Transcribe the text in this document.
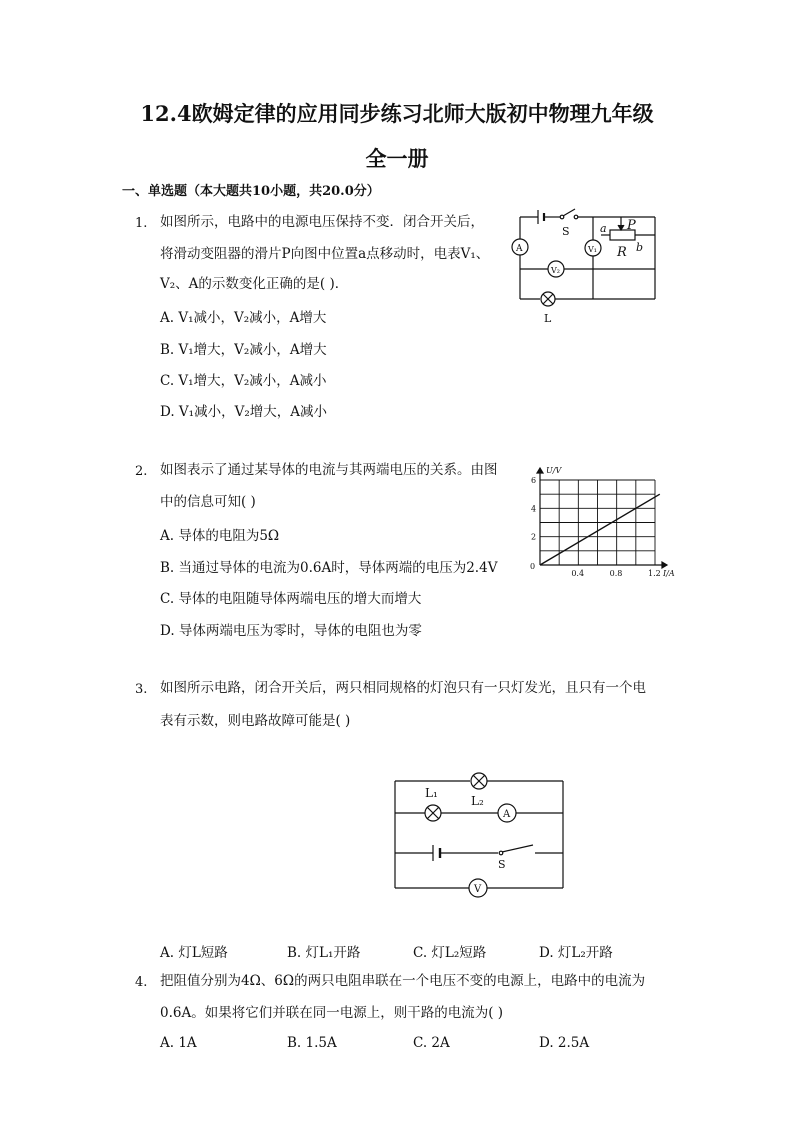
12.4欧姆定律的应用同步练习北师大版初中物理九年级
全一册
一、单选题（本大题共10小题，共20.0分）
1. 如图所示，电路中的电源电压保持不变．闭合开关后，
将滑动变阻器的滑片P向图中位置a点移动时，电表V₁、
V₂、A的示数变化正确的是( )．
A. V₁减小，V₂减小，A增大
B. V₁增大，V₂减小，A增大
C. V₁增大，V₂减小，A减小
D. V₁减小，V₂增大，A减小
A	V₁
V₂
S	P
a
b
R
L
2. 如图表示了通过某导体的电流与其两端电压的关系。由图
中的信息可知( )
A. 导体的电阻为5Ω
B. 当通过导体的电流为0.6A时，导体两端的电压为2.4V
C. 导体的电阻随导体两端电压的增大而增大
D. 导体两端电压为零时，导体的电阻也为零
0.4	0.8	1.2
2
4
6
0
I/A
U/V
3. 如图所示电路，闭合开关后，两只相同规格的灯泡只有一只灯发光，且只有一个电
表有示数，则电路故障可能是( )
L₁
L₂
A
V
S
A. 灯L短路	B. 灯L₁开路	C. 灯L₂短路	D. 灯L₂开路
4. 把阻值分别为4Ω、6Ω的两只电阻串联在一个电压不变的电源上，电路中的电流为
0.6A。如果将它们并联在同一电源上，则干路的电流为( )
A. 1A	B. 1.5A	C. 2A	D. 2.5A
